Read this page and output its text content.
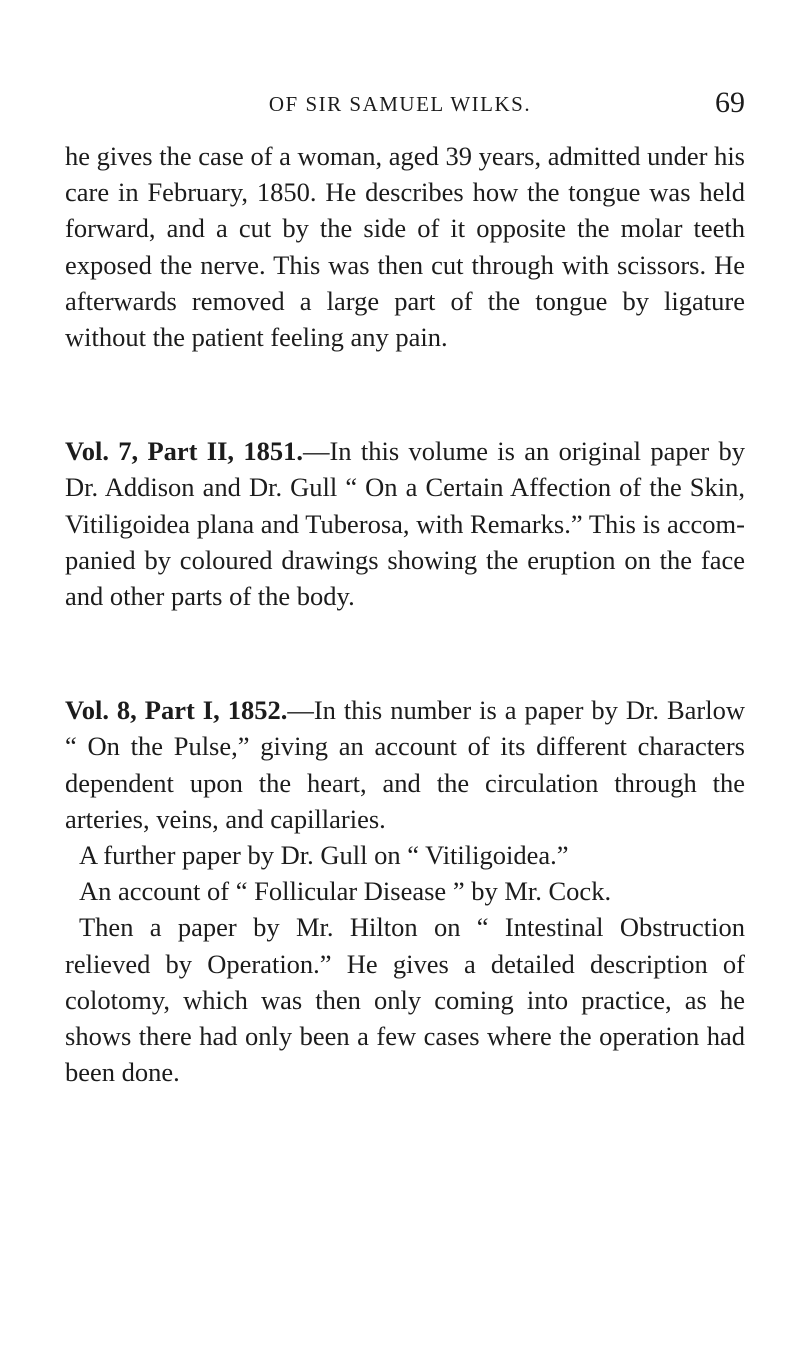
OF SIR SAMUEL WILKS.	69

he gives the case of a woman, aged 39 years, admitted under his care in February, 1850. He describes how the tongue was held forward, and a cut by the side of it opposite the molar teeth exposed the nerve. This was then cut through with scissors. He afterwards removed a large part of the tongue by ligature without the patient feeling any pain.

Vol. 7, Part II, 1851.—In this volume is an original paper by Dr. Addison and Dr. Gull “ On a Certain Affection of the Skin, Vitiligoidea plana and Tuberosa, with Remarks.” This is accompanied by coloured drawings showing the eruption on the face and other parts of the body.

Vol. 8, Part I, 1852.—In this number is a paper by Dr. Barlow “ On the Pulse,” giving an account of its different characters dependent upon the heart, and the circulation through the arteries, veins, and capillaries.

A further paper by Dr. Gull on “ Vitiligoidea.”

An account of “ Follicular Disease ” by Mr. Cock.

Then a paper by Mr. Hilton on “ Intestinal Obstruction relieved by Operation.” He gives a detailed description of colotomy, which was then only coming into practice, as he shows there had only been a few cases where the operation had been done.
